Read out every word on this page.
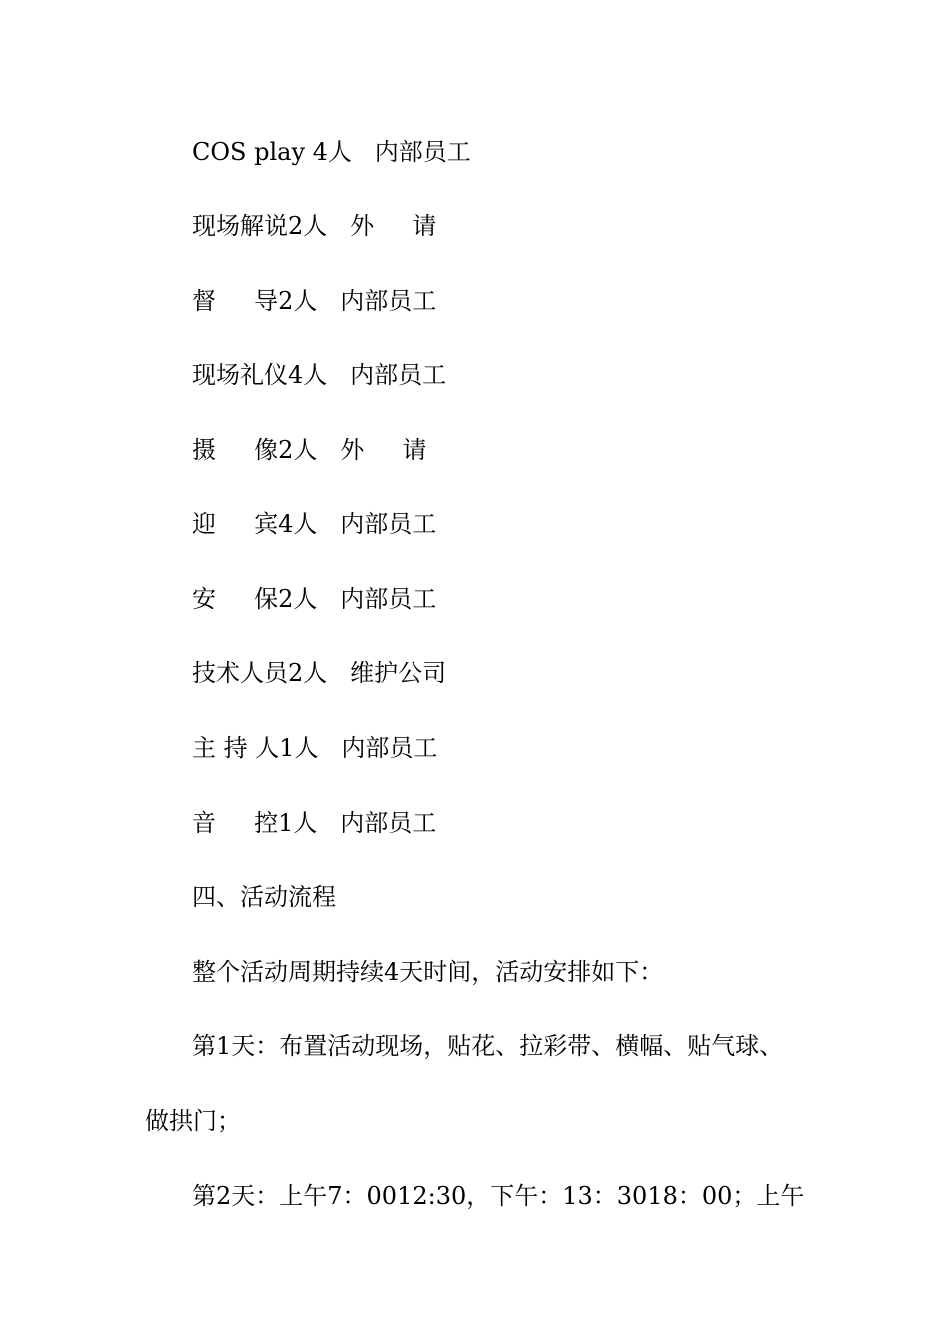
COS play 4人   内部员工
现场解说2人   外     请
督     导2人   内部员工
现场礼仪4人   内部员工
摄     像2人   外     请
迎     宾4人   内部员工
安     保2人   内部员工
技术人员2人   维护公司
主 持 人1人   内部员工
音     控1人   内部员工
四、活动流程
整个活动周期持续4天时间，活动安排如下：
第1天：布置活动现场，贴花、拉彩带、横幅、贴气球、
做拱门；
第2天：上午7：0012:30，下午：13：3018：00；上午
